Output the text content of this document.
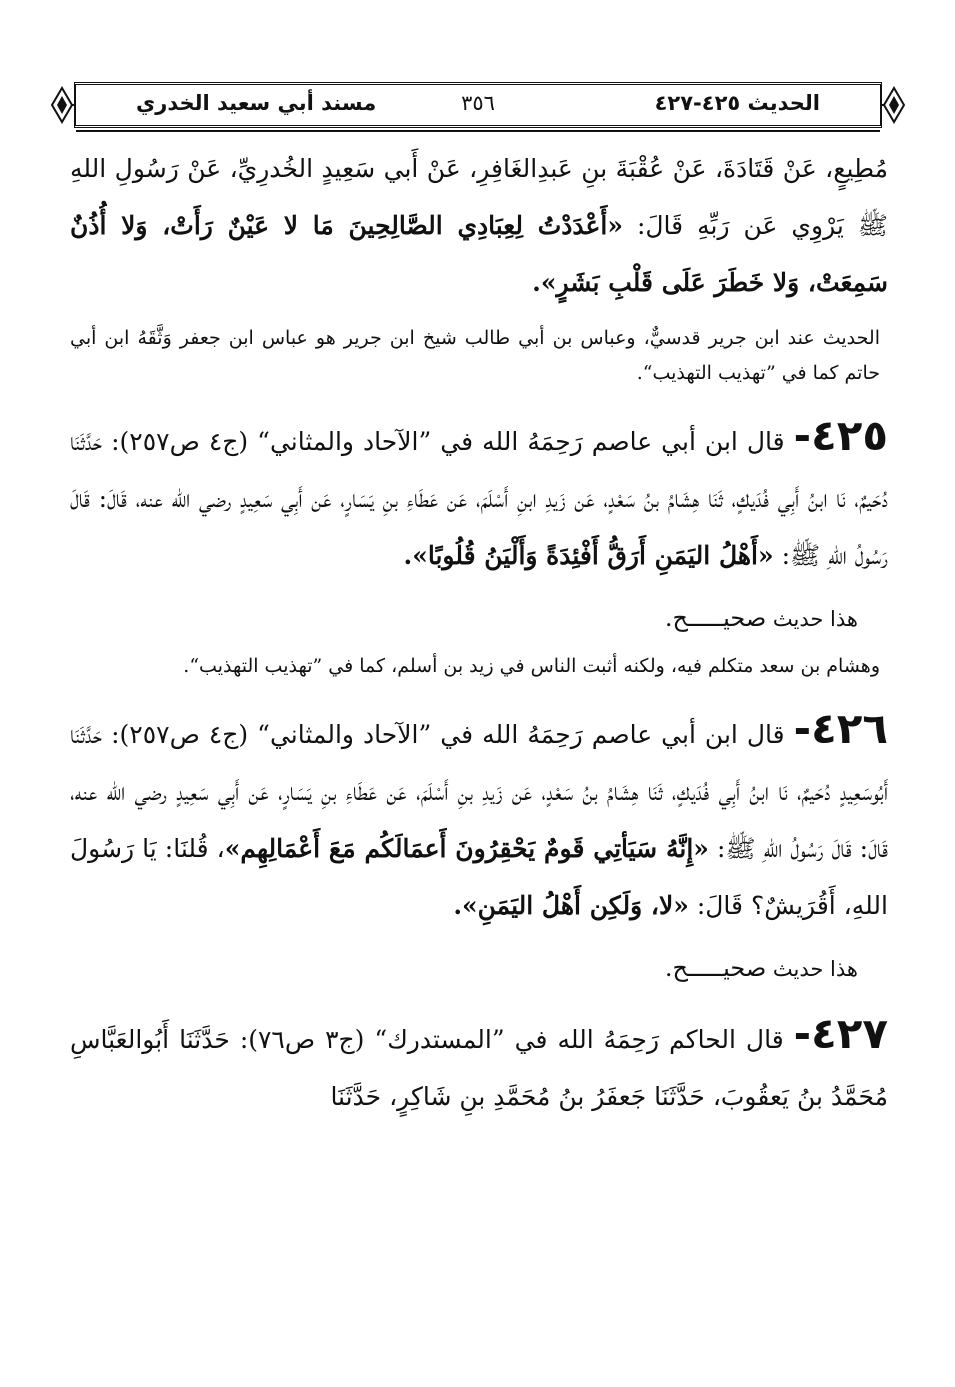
الحديث ٤٢٥-٤٢٧
٣٥٦
مسند أبي سعيد الخدري

مُطِيعٍ، عَنْ قَتَادَةَ، عَنْ عُقْبَةَ بنِ عَبدِالغَافِرِ، عَنْ أَبي سَعِيدٍ الخُدرِيِّ، عَنْ رَسُولِ اللهِ ﷺ يَرْوِي عَن رَبِّهِ قَالَ: «أَعْدَدْتُ لِعِبَادِي الصَّالِحِينَ مَا لا عَيْنٌ رَأَتْ، وَلا أُذُنٌ سَمِعَتْ، وَلا خَطَرَ عَلَى قَلْبِ بَشَرٍ».

الحديث عند ابن جرير قدسيٌّ، وعباس بن أبي طالب شيخ ابن جرير هو عباس ابن جعفر وَثَّقَهُ ابن أبي حاتم كما في ”تهذيب التهذيب“.

٤٢٥- قال ابن أبي عاصم رَحِمَهُ الله في ”الآحاد والمثاني“ (ج٤ ص٢٥٧): حَدَّثَنَا دُحَيمٌ، نَا ابنُ أَبِي فُدَيكٍ، ثَنَا هِشَامُ بنُ سَعْدٍ، عَن زَيدِ ابنِ أَسْلَمَ، عَن عَطَاءِ بنِ يَسَارٍ، عَن أَبِي سَعِيدٍ رضي الله عنه، قَالَ: قَالَ رَسُولُ اللهِ ﷺ: «أَهْلُ اليَمَنِ أَرَقُّ أَفْئِدَةً وَأَلْيَنُ قُلُوبًا».

هذا حديث صحيـــــح.

وهشام بن سعد متكلم فيه، ولكنه أثبت الناس في زيد بن أسلم، كما في ”تهذيب التهذيب“.

٤٢٦- قال ابن أبي عاصم رَحِمَهُ الله في ”الآحاد والمثاني“ (ج٤ ص٢٥٧): حَدَّثَنَا أَبُوسَعِيدٍ دُحَيمٌ، نَا ابنُ أَبِي فُدَيكٍ، ثَنَا هِشَامُ بنُ سَعْدٍ، عَن زَيدِ بنِ أَسْلَمَ، عَن عَطَاءِ بنِ يَسَارٍ، عَن أَبِي سَعِيدٍ رضي الله عنه، قَالَ: قَالَ رَسُولُ اللهِ ﷺ: «إِنَّهُ سَيَأتِي قَومٌ يَحْقِرُونَ أَعمَالَكُم مَعَ أَعْمَالِهِم»، قُلنَا: يَا رَسُولَ اللهِ، أَقُرَيشٌ؟ قَالَ: «لا، وَلَكِن أَهْلُ اليَمَنِ».

هذا حديث صحيـــــح.

٤٢٧- قال الحاكم رَحِمَهُ الله في ”المستدرك“ (ج٣ ص٧٦): حَدَّثَنَا أَبُوالعَبَّاسِ مُحَمَّدُ بنُ يَعقُوبَ، حَدَّثَنَا جَعفَرُ بنُ مُحَمَّدِ بنِ شَاكِرٍ، حَدَّثَنَا
